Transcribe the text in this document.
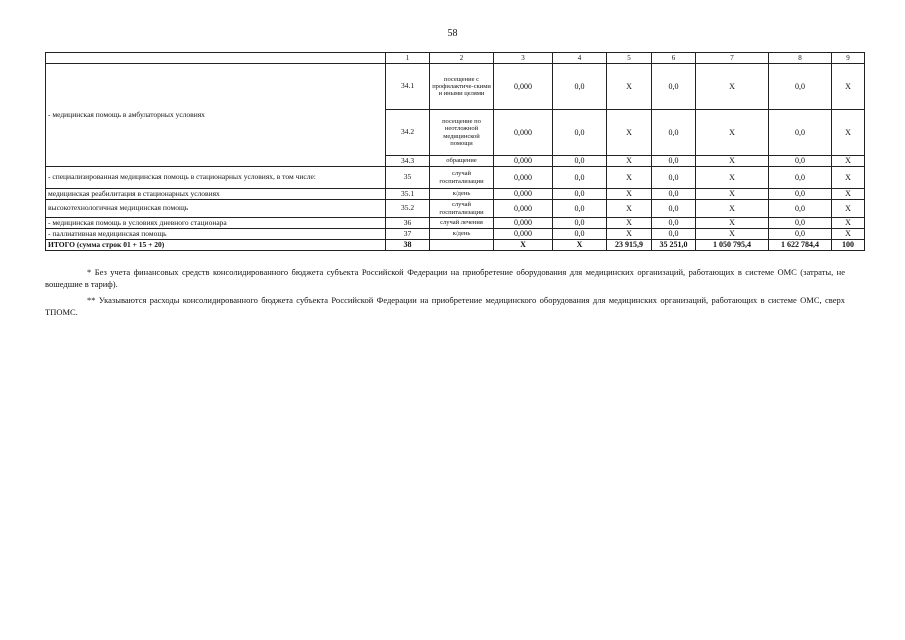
58
	1	2	3	4	5	6	7	8	9
- медицинская помощь в амбулаторных условиях	34.1	посещение с профилактиче-скими и иными целями	0,000	0,0	X	0,0	X	0,0	X
	34.2	посещение по неотложной медицинской помощи	0,000	0,0	X	0,0	X	0,0	X
	34.3	обращение	0,000	0,0	X	0,0	X	0,0	X
- специализированная медицинская помощь в стационарных условиях, в том числе:	35	случай госпитализации	0,000	0,0	X	0,0	X	0,0	X
медицинская реабилитация в стационарных условиях	35.1	к/день	0,000	0,0	X	0,0	X	0,0	X
высокотехнологичная медицинская помощь	35.2	случай госпитализации	0,000	0,0	X	0,0	X	0,0	X
- медицинская помощь в условиях дневного стационара	36	случай лечения	0,000	0,0	X	0,0	X	0,0	X
- паллиативная медицинская помощь	37	к/день	0,000	0,0	X	0,0	X	0,0	X
ИТОГО (сумма строк 01 + 15 + 20)	38		X	X	23 915,9	35 251,0	1 050 795,4	1 622 784,4	100

* Без учета финансовых средств консолидированного бюджета субъекта Российской Федерации на приобретение оборудования для медицинских организаций, работающих в системе ОМС (затраты, не вошедшие в тариф).

** Указываются расходы консолидированного бюджета субъекта Российской Федерации на приобретение медицинского оборудования для медицинских организаций, работающих в системе ОМС, сверх ТПОМС.
